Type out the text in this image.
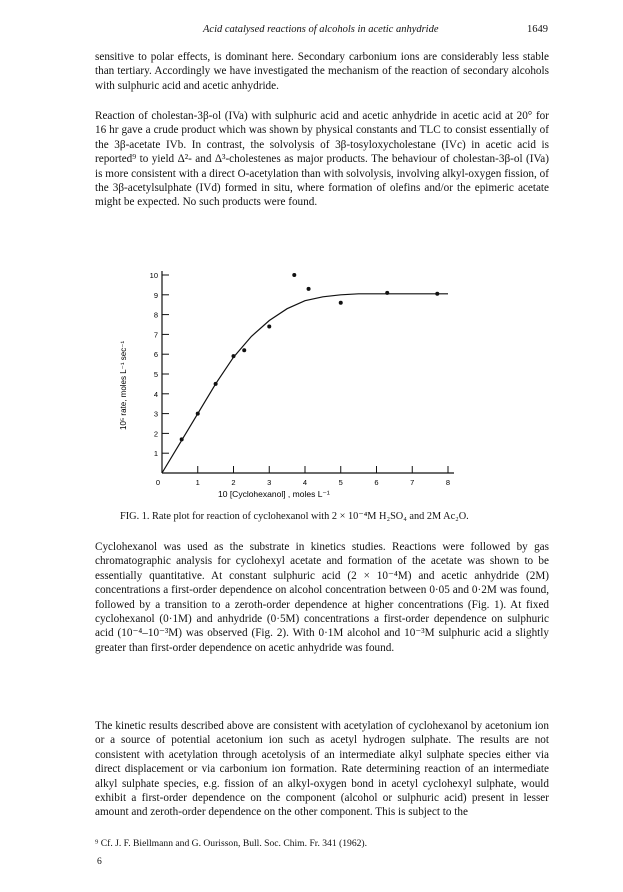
Acid catalysed reactions of alcohols in acetic anhydride	1649

sensitive to polar effects, is dominant here. Secondary carbonium ions are considerably less stable than tertiary. Accordingly we have investigated the mechanism of the reaction of secondary alcohols with sulphuric acid and acetic anhydride.

Reaction of cholestan-3β-ol (IVa) with sulphuric acid and acetic anhydride in acetic acid at 20° for 16 hr gave a crude product which was shown by physical constants and TLC to consist essentially of the 3β-acetate IVb. In contrast, the solvolysis of 3β-tosyloxycholestane (IVc) in acetic acid is reported⁹ to yield Δ²- and Δ³-cholestenes as major products. The behaviour of cholestan-3β-ol (IVa) is more consistent with a direct O-acetylation than with solvolysis, involving alkyl-oxygen fission, of the 3β-acetylsulphate (IVd) formed in situ, where formation of olefins and/or the epimeric acetate might be expected. No such products were found.

1
2
3
4
5
6
7
8
9
10
0	1	2	3	4	5	6	7	8
10⁵ rate, moles L⁻¹ sec⁻¹
10 [Cyclohexanol] , moles L⁻¹
FIG. 1. Rate plot for reaction of cyclohexanol with 2 × 10⁻⁴M H₂SO₄ and 2M Ac₂O.

Cyclohexanol was used as the substrate in kinetics studies. Reactions were followed by gas chromatographic analysis for cyclohexyl acetate and formation of the acetate was shown to be essentially quantitative. At constant sulphuric acid (2 × 10⁻⁴M) and acetic anhydride (2M) concentrations a first-order dependence on alcohol concentration between 0·05 and 0·2M was found, followed by a transition to a zeroth-order dependence at higher concentrations (Fig. 1). At fixed cyclohexanol (0·1M) and anhydride (0·5M) concentrations a first-order dependence on sulphuric acid (10⁻⁴–10⁻³M) was observed (Fig. 2). With 0·1M alcohol and 10⁻³M sulphuric acid a slightly greater than first-order dependence on acetic anhydride was found.

The kinetic results described above are consistent with acetylation of cyclohexanol by acetonium ion or a source of potential acetonium ion such as acetyl hydrogen sulphate. The results are not consistent with acetylation through acetolysis of an intermediate alkyl sulphate species either via direct displacement or via carbonium ion formation. Rate determining reaction of an intermediate alkyl sulphate species, e.g. fission of an alkyl-oxygen bond in acetyl cyclohexyl sulphate, would exhibit a first-order dependence on the component (alcohol or sulphuric acid) present in lesser amount and zeroth-order dependence on the other component. This is subject to the

⁹ Cf. J. F. Biellmann and G. Ourisson, Bull. Soc. Chim. Fr. 341 (1962).
6
